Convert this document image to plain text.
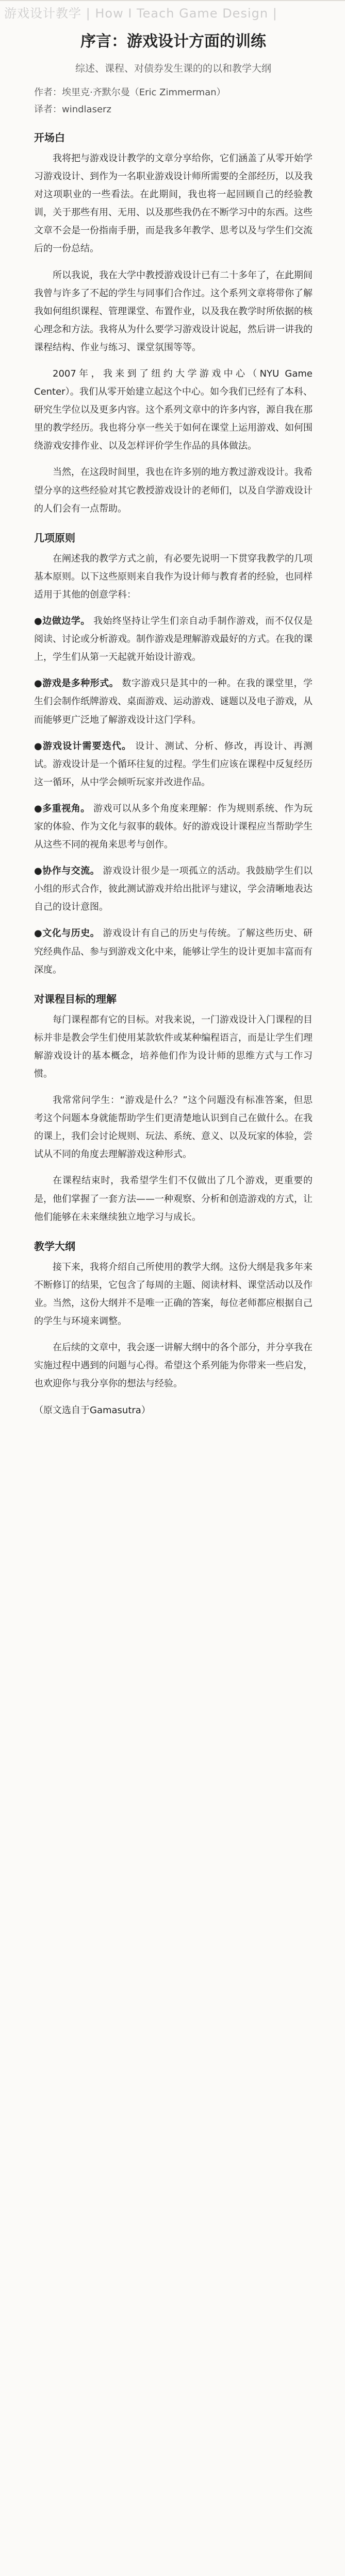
游戏设计教学 | How I Teach Game Design |
序言：游戏设计方面的训练
综述、课程、对债券发生课的的以和教学大纲
作者：埃里克·齐默尔曼（Eric Zimmerman）
译者：windlaserz
开场白

我将把与游戏设计教学的文章分享给你，它们涵盖了从零开始学习游戏设计、到作为一名职业游戏设计师所需要的全部经历，以及我对这项职业的一些看法。在此期间，我也将一起回顾自己的经验教训，关于那些有用、无用、以及那些我仍在不断学习中的东西。这些文章不会是一份指南手册，而是我多年教学、思考以及与学生们交流后的一份总结。

所以我说，我在大学中教授游戏设计已有二十多年了，在此期间我曾与许多了不起的学生与同事们合作过。这个系列文章将带你了解我如何组织课程、管理课堂、布置作业，以及我在教学时所依据的核心理念和方法。我将从为什么要学习游戏设计说起，然后讲一讲我的课程结构、作业与练习、课堂氛围等等。

2007年，我来到了纽约大学游戏中心（NYU Game Center）。我们从零开始建立起这个中心。如今我们已经有了本科、研究生学位以及更多内容。这个系列文章中的许多内容，源自我在那里的教学经历。我也将分享一些关于如何在课堂上运用游戏、如何围绕游戏安排作业、以及怎样评价学生作品的具体做法。

当然，在这段时间里，我也在许多别的地方教过游戏设计。我希望分享的这些经验对其它教授游戏设计的老师们，以及自学游戏设计的人们会有一点帮助。

几项原则

在阐述我的教学方式之前，有必要先说明一下贯穿我教学的几项基本原则。以下这些原则来自我作为设计师与教育者的经验，也同样适用于其他的创意学科：

●边做边学。 我始终坚持让学生们亲自动手制作游戏，而不仅仅是阅读、讨论或分析游戏。制作游戏是理解游戏最好的方式。在我的课上，学生们从第一天起就开始设计游戏。

●游戏是多种形式。 数字游戏只是其中的一种。在我的课堂里，学生们会制作纸牌游戏、桌面游戏、运动游戏、谜题以及电子游戏，从而能够更广泛地了解游戏设计这门学科。

●游戏设计需要迭代。 设计、测试、分析、修改，再设计、再测试。游戏设计是一个循环往复的过程。学生们应该在课程中反复经历这一循环，从中学会倾听玩家并改进作品。

●多重视角。 游戏可以从多个角度来理解：作为规则系统、作为玩家的体验、作为文化与叙事的载体。好的游戏设计课程应当帮助学生从这些不同的视角来思考与创作。

●协作与交流。 游戏设计很少是一项孤立的活动。我鼓励学生们以小组的形式合作，彼此测试游戏并给出批评与建议，学会清晰地表达自己的设计意图。

●文化与历史。 游戏设计有自己的历史与传统。了解这些历史、研究经典作品、参与到游戏文化中来，能够让学生的设计更加丰富而有深度。

对课程目标的理解

每门课程都有它的目标。对我来说，一门游戏设计入门课程的目标并非是教会学生们使用某款软件或某种编程语言，而是让学生们理解游戏设计的基本概念，培养他们作为设计师的思维方式与工作习惯。

我常常问学生：“游戏是什么？”这个问题没有标准答案，但思考这个问题本身就能帮助学生们更清楚地认识到自己在做什么。在我的课上，我们会讨论规则、玩法、系统、意义、以及玩家的体验，尝试从不同的角度去理解游戏这种形式。

在课程结束时，我希望学生们不仅做出了几个游戏，更重要的是，他们掌握了一套方法——一种观察、分析和创造游戏的方式，让他们能够在未来继续独立地学习与成长。

教学大纲

接下来，我将介绍自己所使用的教学大纲。这份大纲是我多年来不断修订的结果，它包含了每周的主题、阅读材料、课堂活动以及作业。当然，这份大纲并不是唯一正确的答案，每位老师都应根据自己的学生与环境来调整。

在后续的文章中，我会逐一讲解大纲中的各个部分，并分享我在实施过程中遇到的问题与心得。希望这个系列能为你带来一些启发，也欢迎你与我分享你的想法与经验。

（原文选自于Gamasutra）
